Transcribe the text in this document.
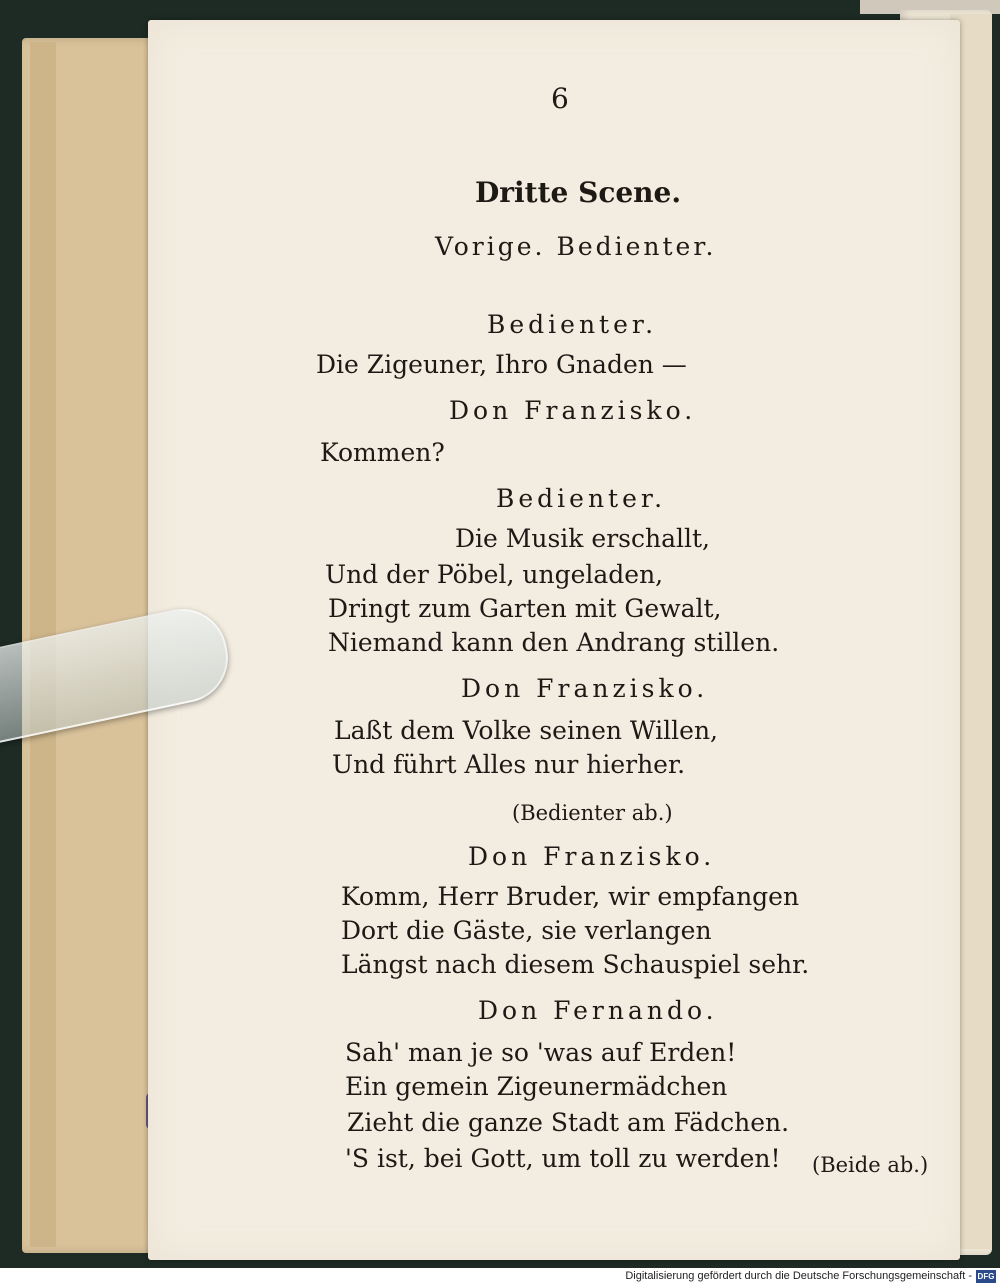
6
Dritte Scene.
Vorige. Bedienter.
Bedienter.
Die Zigeuner, Ihro Gnaden —
Don Franzisko.
Kommen?
Bedienter.
Die Musik erschallt,
Und der Pöbel, ungeladen,
Dringt zum Garten mit Gewalt,
Niemand kann den Andrang stillen.
Don Franzisko.
Laßt dem Volke seinen Willen,
Und führt Alles nur hierher.
(Bedienter ab.)
Don Franzisko.
Komm, Herr Bruder, wir empfangen
Dort die Gäste, sie verlangen
Längst nach diesem Schauspiel sehr.
Don Fernando.
Sah' man je so 'was auf Erden!
Ein gemein Zigeunermädchen
Zieht die ganze Stadt am Fädchen.
'S ist, bei Gott, um toll zu werden! (Beide ab.)
Digitalisierung gefördert durch die Deutsche Forschungsgemeinschaft - DFG
